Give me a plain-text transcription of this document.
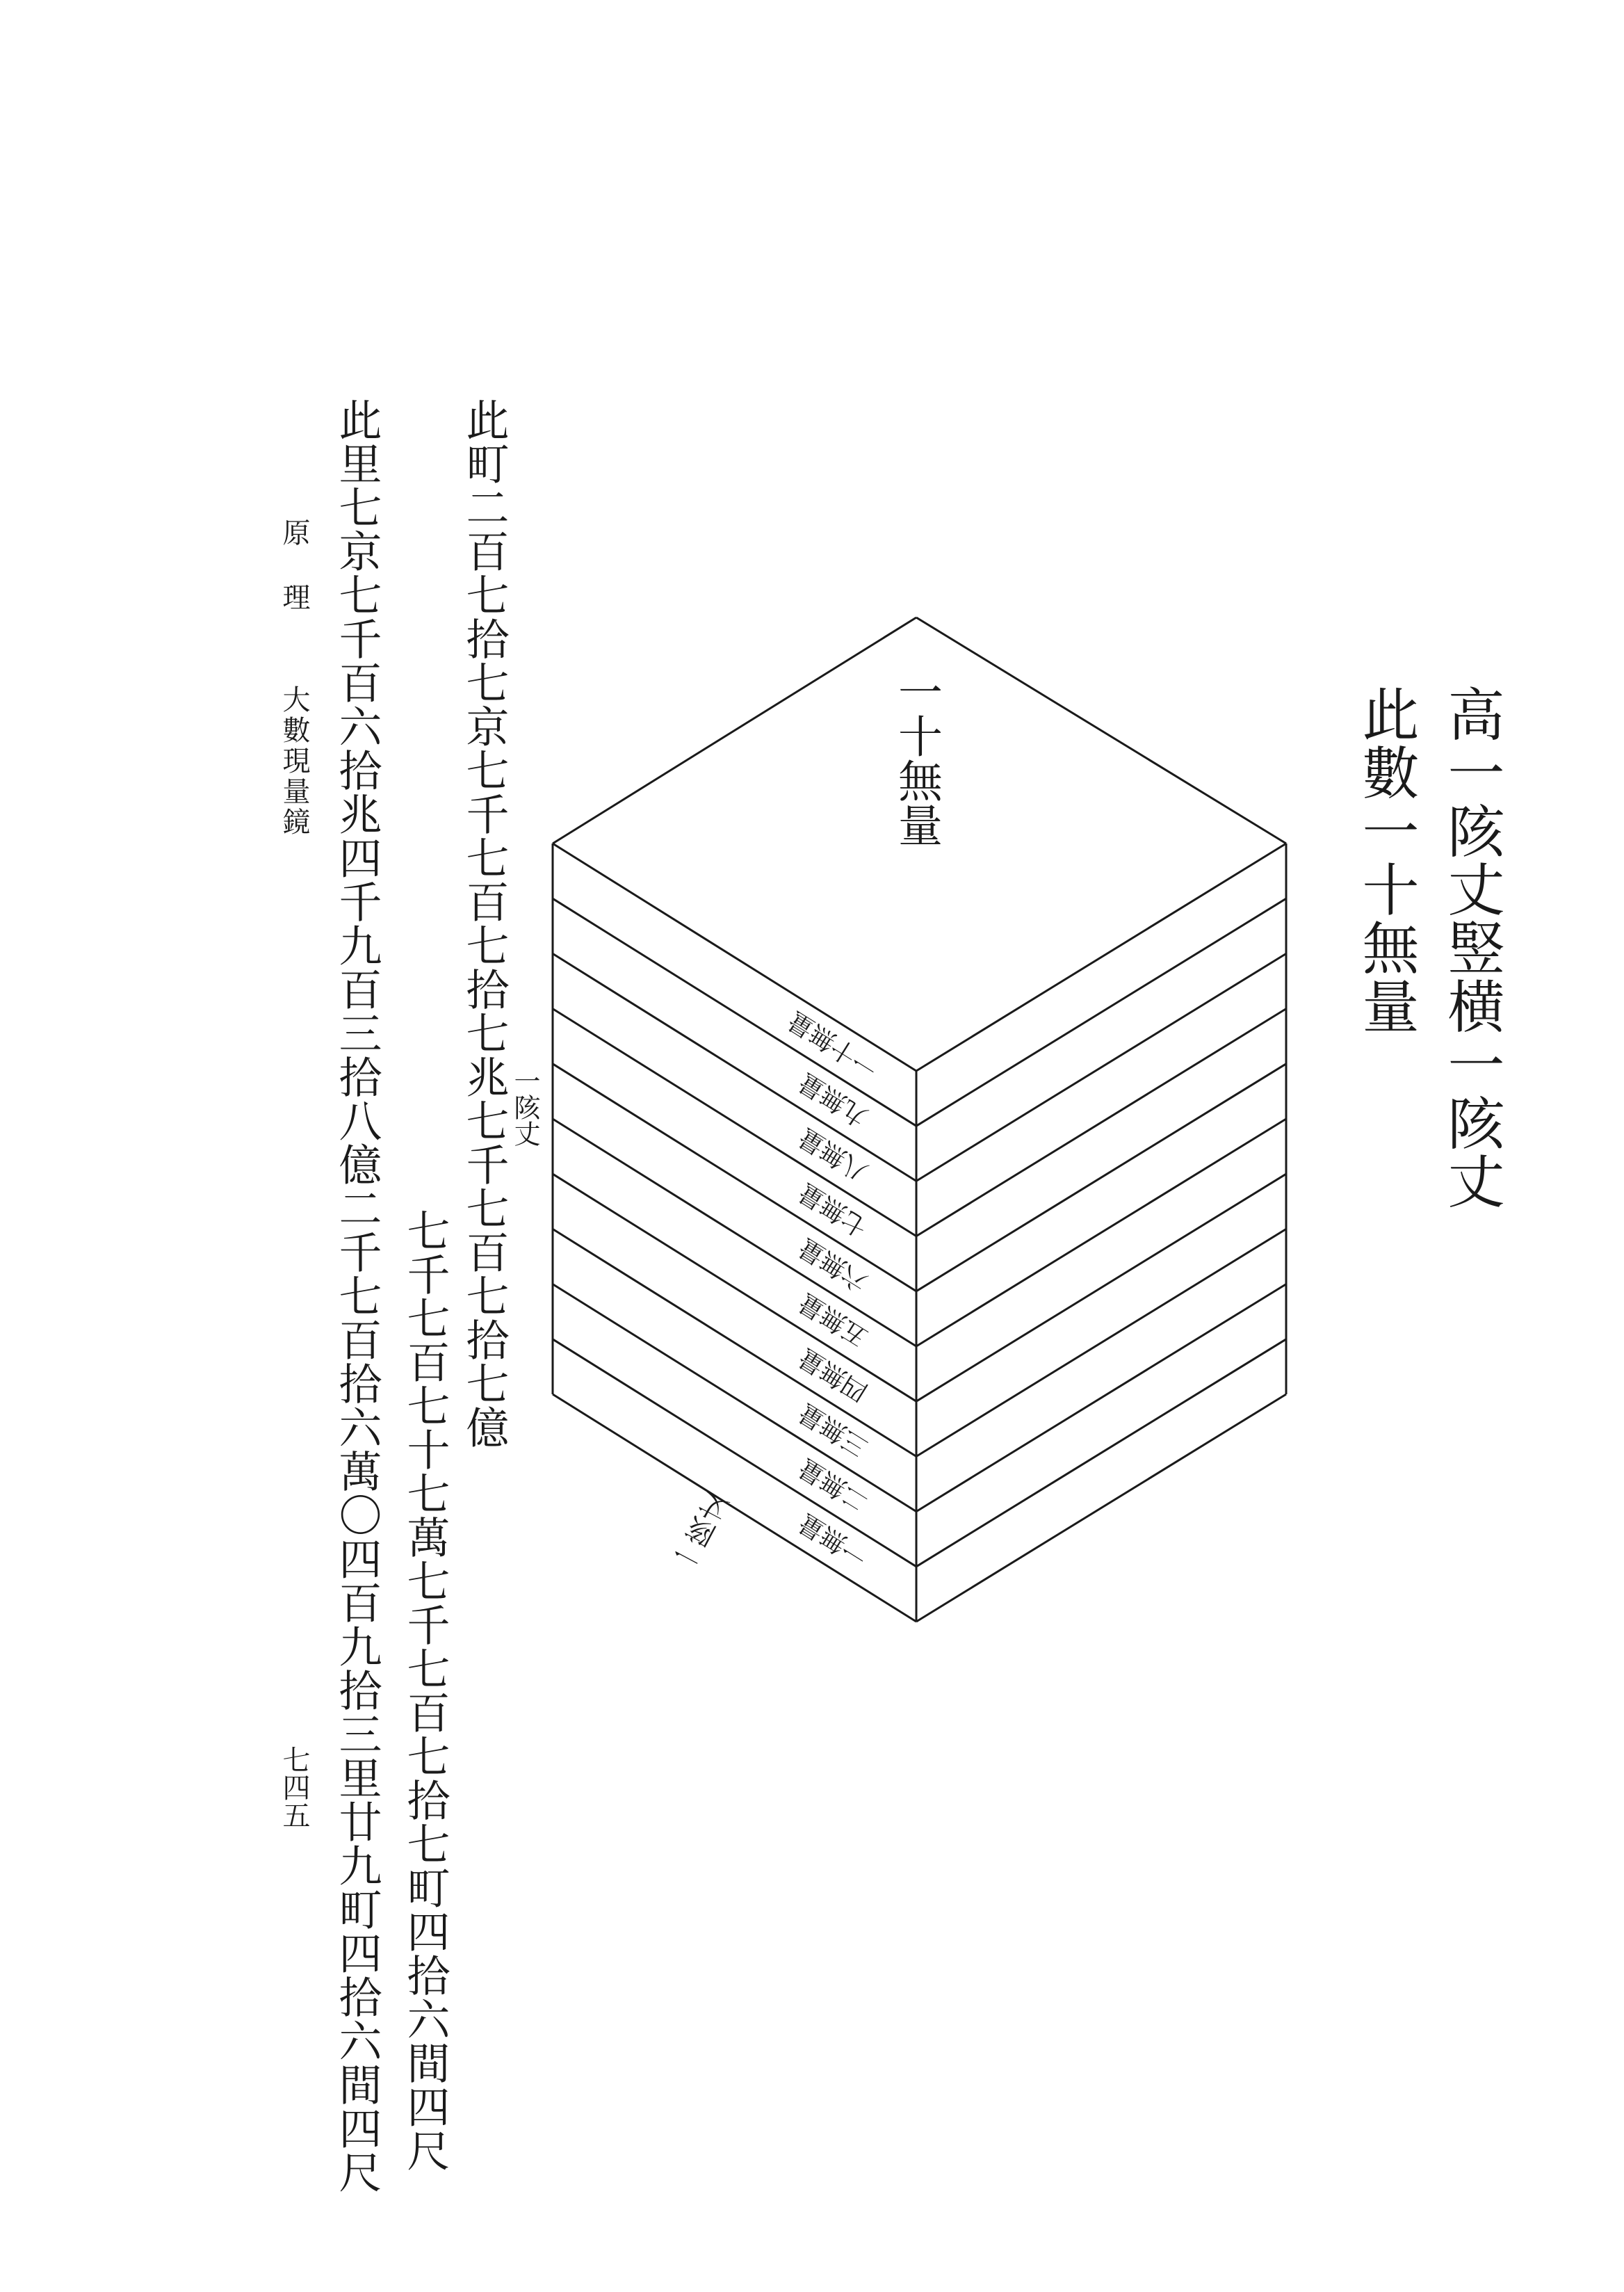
高一陔丈竪横一陔丈
此數一十無量
一十無量
一十無量
九無量
八無量
七無量
六無量
五無量
四無量
三無量
二無量
一無量
一陔丈
一陔丈
此町二百七拾七京七千七百七拾七兆七千七百七拾七億
七千七百七十七萬七千七百七拾七町四拾六間四尺
此里七京七千百六拾兆四千九百三拾八億二千七百拾六萬〇四百九拾三里廿九町四拾六間四尺
原
理
大數現量鏡
七四五
